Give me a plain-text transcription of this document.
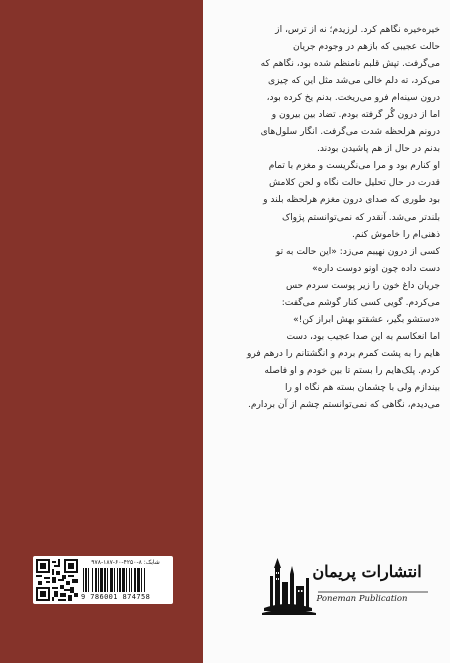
خیره‌خیره نگاهم کرد. لرزیدم؛ نه از ترس، از
حالت عجیبی که بازهم در وجودم جریان
می‌گرفت. تپش قلبم نامنظم شده بود، نگاهم که
می‌کرد، ته دلم خالی می‌شد مثل این که چیزی
درون سینه‌ام فرو می‌ریخت. بدنم یخ کرده بود،
اما از درون گُر گرفته بودم. تضاد بین بیرون و
درونم هرلحظه شدت می‌گرفت. انگار سلول‌های
بدنم در حال از هم پاشیدن بودند.

او کنارم بود و مرا می‌نگریست و مغزم با تمام
قدرت در حال تحلیل حالت نگاه و لحن کلامش
بود طوری که صدای درون مغزم هرلحظه بلند و
بلندتر می‌شد. آنقدر که نمی‌توانستم پژواک
ذهنی‌ام را خاموش کنم.

کسی از درون نهیبم می‌زد: «این حالت به تو
دست داده چون اونو دوست داره»

جریان داغ خون را زیر پوست سردم حس
می‌کردم. گویی کسی کنار گوشم می‌گفت:
«دستشو بگیر، عشقتو بهش ابراز کن!»

اما انعکاسم به این صدا عجیب بود، دست
هایم را به پشت کمرم بردم و انگشتانم را درهم فرو
کردم. پلک‌هایم را بستم تا بین خودم و او فاصله
بیندازم ولی با چشمان بسته هم نگاه او را
می‌دیدم، نگاهی که نمی‌توانستم چشم از آن بردارم.

شابک: ۸-۴۲۵۰-۶۰-۱۸۷-۹۷۸
9 786001 874758
انتشارات پریمان
Poneman Publication
